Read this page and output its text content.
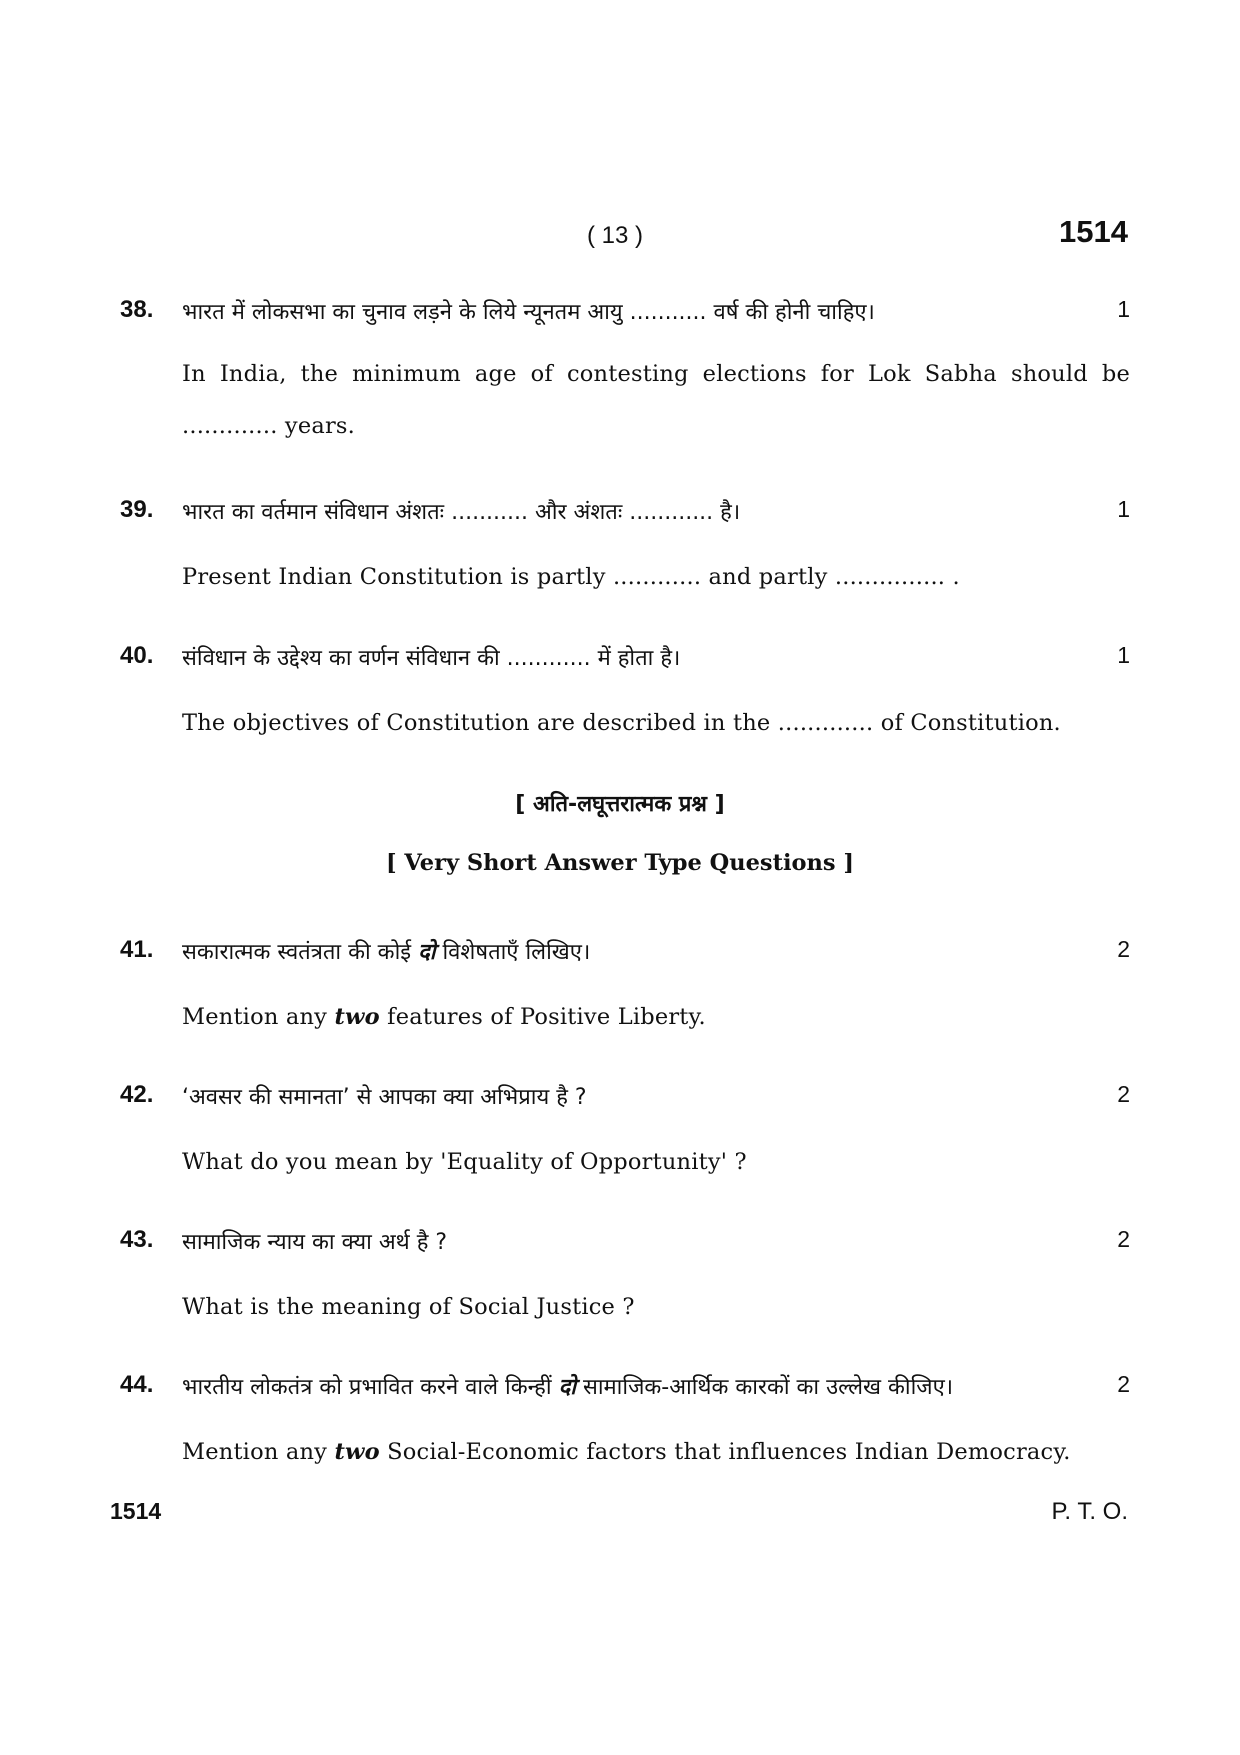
( 13 )	1514
38. भारत में लोकसभा का चुनाव लड़ने के लिये न्यूनतम आयु ........... वर्ष की होनी चाहिए।	1
In India, the minimum age of contesting elections for Lok Sabha should be
............. years.
39. भारत का वर्तमान संविधान अंशतः ........... और अंशतः ............ है।	1
Present Indian Constitution is partly ............ and partly ............... .
40. संविधान के उद्देश्य का वर्णन संविधान की ............ में होता है।	1
The objectives of Constitution are described in the ............. of Constitution.
[ अति-लघूत्तरात्मक प्रश्न ]
[ Very Short Answer Type Questions ]
41. सकारात्मक स्वतंत्रता की कोई दो विशेषताएँ लिखिए।	2
Mention any two features of Positive Liberty.
42. ‘अवसर की समानता’ से आपका क्या अभिप्राय है ?	2
What do you mean by 'Equality of Opportunity' ?
43. सामाजिक न्याय का क्या अर्थ है ?	2
What is the meaning of Social Justice ?
44. भारतीय लोकतंत्र को प्रभावित करने वाले किन्हीं दो सामाजिक-आर्थिक कारकों का उल्लेख कीजिए।	2
Mention any two Social-Economic factors that influences Indian Democracy.
1514	P. T. O.
